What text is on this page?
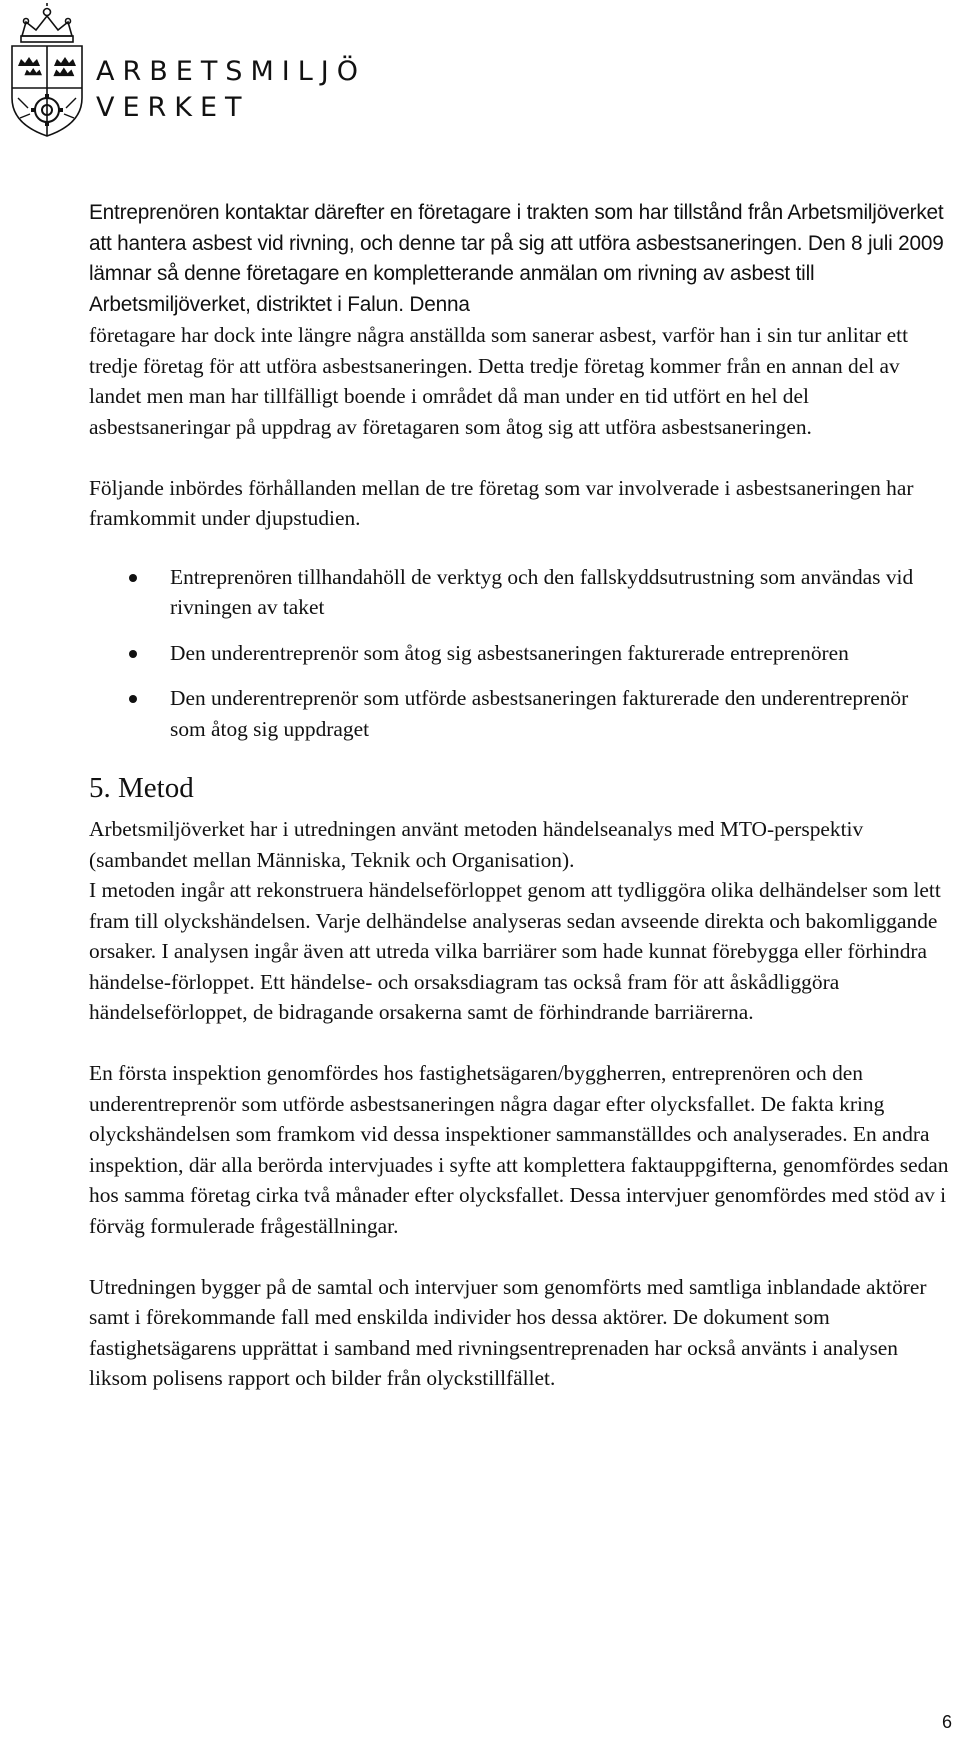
ARBETSMILJÖ
VERKET

Entreprenören kontaktar därefter en företagare i trakten som har tillstånd från Arbetsmiljöverket att hantera asbest vid rivning, och denne tar på sig att utföra asbestsaneringen. Den 8 juli 2009 lämnar så denne företagare en kompletterande anmälan om rivning av asbest till Arbetsmiljöverket, distriktet i Falun. Denna

företagare har dock inte längre några anställda som sanerar asbest, varför han i sin tur anlitar ett tredje företag för att utföra asbestsaneringen. Detta tredje företag kommer från en annan del av landet men man har tillfälligt boende i området då man under en tid utfört en hel del asbestsaneringar på uppdrag av företagaren som åtog sig att utföra asbestsaneringen.

Följande inbördes förhållanden mellan de tre företag som var involverade i asbestsaneringen har framkommit under djupstudien.

Entreprenören tillhandahöll de verktyg och den fallskyddsutrustning som användas vid rivningen av taket
Den underentreprenör som åtog sig asbestsaneringen fakturerade entreprenören
Den underentreprenör som utförde asbestsaneringen fakturerade den underentreprenör som åtog sig uppdraget
5. Metod

Arbetsmiljöverket har i utredningen använt metoden händelseanalys med MTO-perspektiv (sambandet mellan Människa, Teknik och Organisation).

I metoden ingår att rekonstruera händelseförloppet genom att tydliggöra olika delhändelser som lett fram till olyckshändelsen. Varje delhändelse analyseras sedan avseende direkta och bakomliggande orsaker. I analysen ingår även att utreda vilka barriärer som hade kunnat förebygga eller förhindra händelse-förloppet. Ett händelse- och orsaksdiagram tas också fram för att åskådliggöra händelseförloppet, de bidragande orsakerna samt de förhindrande barriärerna.

En första inspektion genomfördes hos fastighetsägaren/byggherren, entreprenören och den underentreprenör som utförde asbestsaneringen några dagar efter olycksfallet. De fakta kring olyckshändelsen som framkom vid dessa inspektioner sammanställdes och analyserades. En andra inspektion, där alla berörda intervjuades i syfte att komplettera faktauppgifterna, genomfördes sedan hos samma företag cirka två månader efter olycksfallet. Dessa intervjuer genomfördes med stöd av i förväg formulerade frågeställningar.

Utredningen bygger på de samtal och intervjuer som genomförts med samtliga inblandade aktörer samt i förekommande fall med enskilda individer hos dessa aktörer. De dokument som fastighetsägarens upprättat i samband med rivningsentreprenaden har också använts i analysen liksom polisens rapport och bilder från olyckstillfället.

6
